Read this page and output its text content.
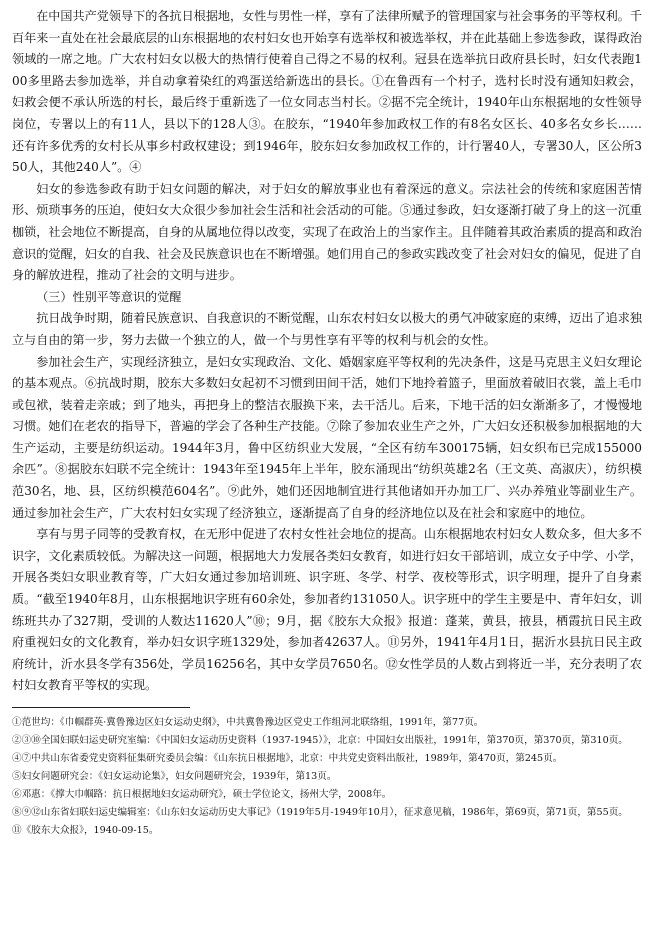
在中国共产党领导下的各抗日根据地，女性与男性一样，享有了法律所赋予的管理国家与社会事务的平等权利。千百年来一直处在社会最底层的山东根据地的农村妇女也开始享有选举权和被选举权，并在此基础上参选参政，谋得政治领域的一席之地。广大农村妇女以极大的热情行使着自己得之不易的权利。冠县在选举抗日政府县长时，妇女代表跑100多里路去参加选举，并自动拿着染红的鸡蛋送给新选出的县长。①在鲁西有一个村子，选村长时没有通知妇救会，妇救会便不承认所选的村长，最后终于重新选了一位女同志当村长。②据不完全统计，1940年山东根据地的女性领导岗位，专署以上的有11人，县以下的128人③。在胶东，“1940年参加政权工作的有8名女区长、40多名女乡长……还有许多优秀的女村长从事乡村政权建设；到1946年，胶东妇女参加政权工作的，计行署40人，专署30人，区公所350人，其他240人”。④

妇女的参选参政有助于妇女问题的解决，对于妇女的解放事业也有着深远的意义。宗法社会的传统和家庭困苦情形、烦琐事务的压迫，使妇女大众很少参加社会生活和社会活动的可能。⑤通过参政，妇女逐渐打破了身上的这一沉重枷锁，社会地位不断提高，自身的从属地位得以改变，实现了在政治上的当家作主。且伴随着其政治素质的提高和政治意识的觉醒，妇女的自我、社会及民族意识也在不断增强。她们用自己的参政实践改变了社会对妇女的偏见，促进了自身的解放进程，推动了社会的文明与进步。

（三）性别平等意识的觉醒

抗日战争时期，随着民族意识、自我意识的不断觉醒，山东农村妇女以极大的勇气冲破家庭的束缚，迈出了追求独立与自由的第一步，努力去做一个独立的人，做一个与男性享有平等的权利与机会的女性。

参加社会生产，实现经济独立，是妇女实现政治、文化、婚姻家庭平等权利的先决条件，这是马克思主义妇女理论的基本观点。⑥抗战时期，胶东大多数妇女起初不习惯到田间干活，她们下地拎着篮子，里面放着破旧衣裳，盖上毛巾或包袱，装着走亲戚；到了地头，再把身上的整洁衣服换下来，去干活儿。后来，下地干活的妇女渐渐多了，才慢慢地习惯。她们在老农的指导下，普遍的学会了各种生产技能。⑦除了参加农业生产之外，广大妇女还积极参加根据地的大生产运动，主要是纺织运动。1944年3月，鲁中区纺织业大发展，“全区有纺车300175辆，妇女织布已完成155000余匹”。⑧据胶东妇联不完全统计：1943年至1945年上半年，胶东涌现出“纺织英雄2名（王文英、高淑庆），纺织模范30名，地、县，区纺织模范604名”。⑨此外，她们还因地制宜进行其他诸如开办加工厂、兴办养殖业等副业生产。通过参加社会生产，广大农村妇女实现了经济独立，逐渐提高了自身的经济地位以及在社会和家庭中的地位。

享有与男子同等的受教育权，在无形中促进了农村女性社会地位的提高。山东根据地农村妇女人数众多，但大多不识字，文化素质较低。为解决这一问题，根据地大力发展各类妇女教育，如进行妇女干部培训，成立女子中学、小学，开展各类妇女职业教育等，广大妇女通过参加培训班、识字班、冬学、村学、夜校等形式，识字明理，提升了自身素质。“截至1940年8月，山东根据地识字班有60余处，参加者约131050人。识字班中的学生主要是中、青年妇女，训练班共办了327期，受训的人数达11620人”⑩；9月，据《胶东大众报》报道：蓬莱，黄县，掖县，栖霞抗日民主政府重视妇女的文化教育，举办妇女识字班1329处，参加者42637人。⑪另外，1941年4月1日，据沂水县抗日民主政府统计，沂水县冬学有356处，学员16256名，其中女学员7650名。⑫女性学员的人数占到将近一半，充分表明了农村妇女教育平等权的实现。

①范世均：《巾帼群英·冀鲁豫边区妇女运动史纲》，中共冀鲁豫边区党史工作组河北联络组，1991年，第77页。

②③⑩全国妇联妇运史研究室编：《中国妇女运动历史资料（1937-1945）》，北京：中国妇女出版社，1991年，第370页，第370页，第310页。

④⑦中共山东省委党史资料征集研究委员会编：《山东抗日根据地》，北京：中共党史资料出版社，1989年，第470页，第245页。

⑤妇女问题研究会：《妇女运动论集》，妇女问题研究会，1939年，第13页。

⑥邓惠：《撑大巾帼路：抗日根据地妇女运动研究》，硕士学位论文，扬州大学，2008年。

⑧⑨⑫山东省妇联妇运史编辑室：《山东妇女运动历史大事记》（1919年5月-1949年10月），征求意见稿，1986年，第69页，第71页，第55页。

⑪《胶东大众报》，1940-09-15。
